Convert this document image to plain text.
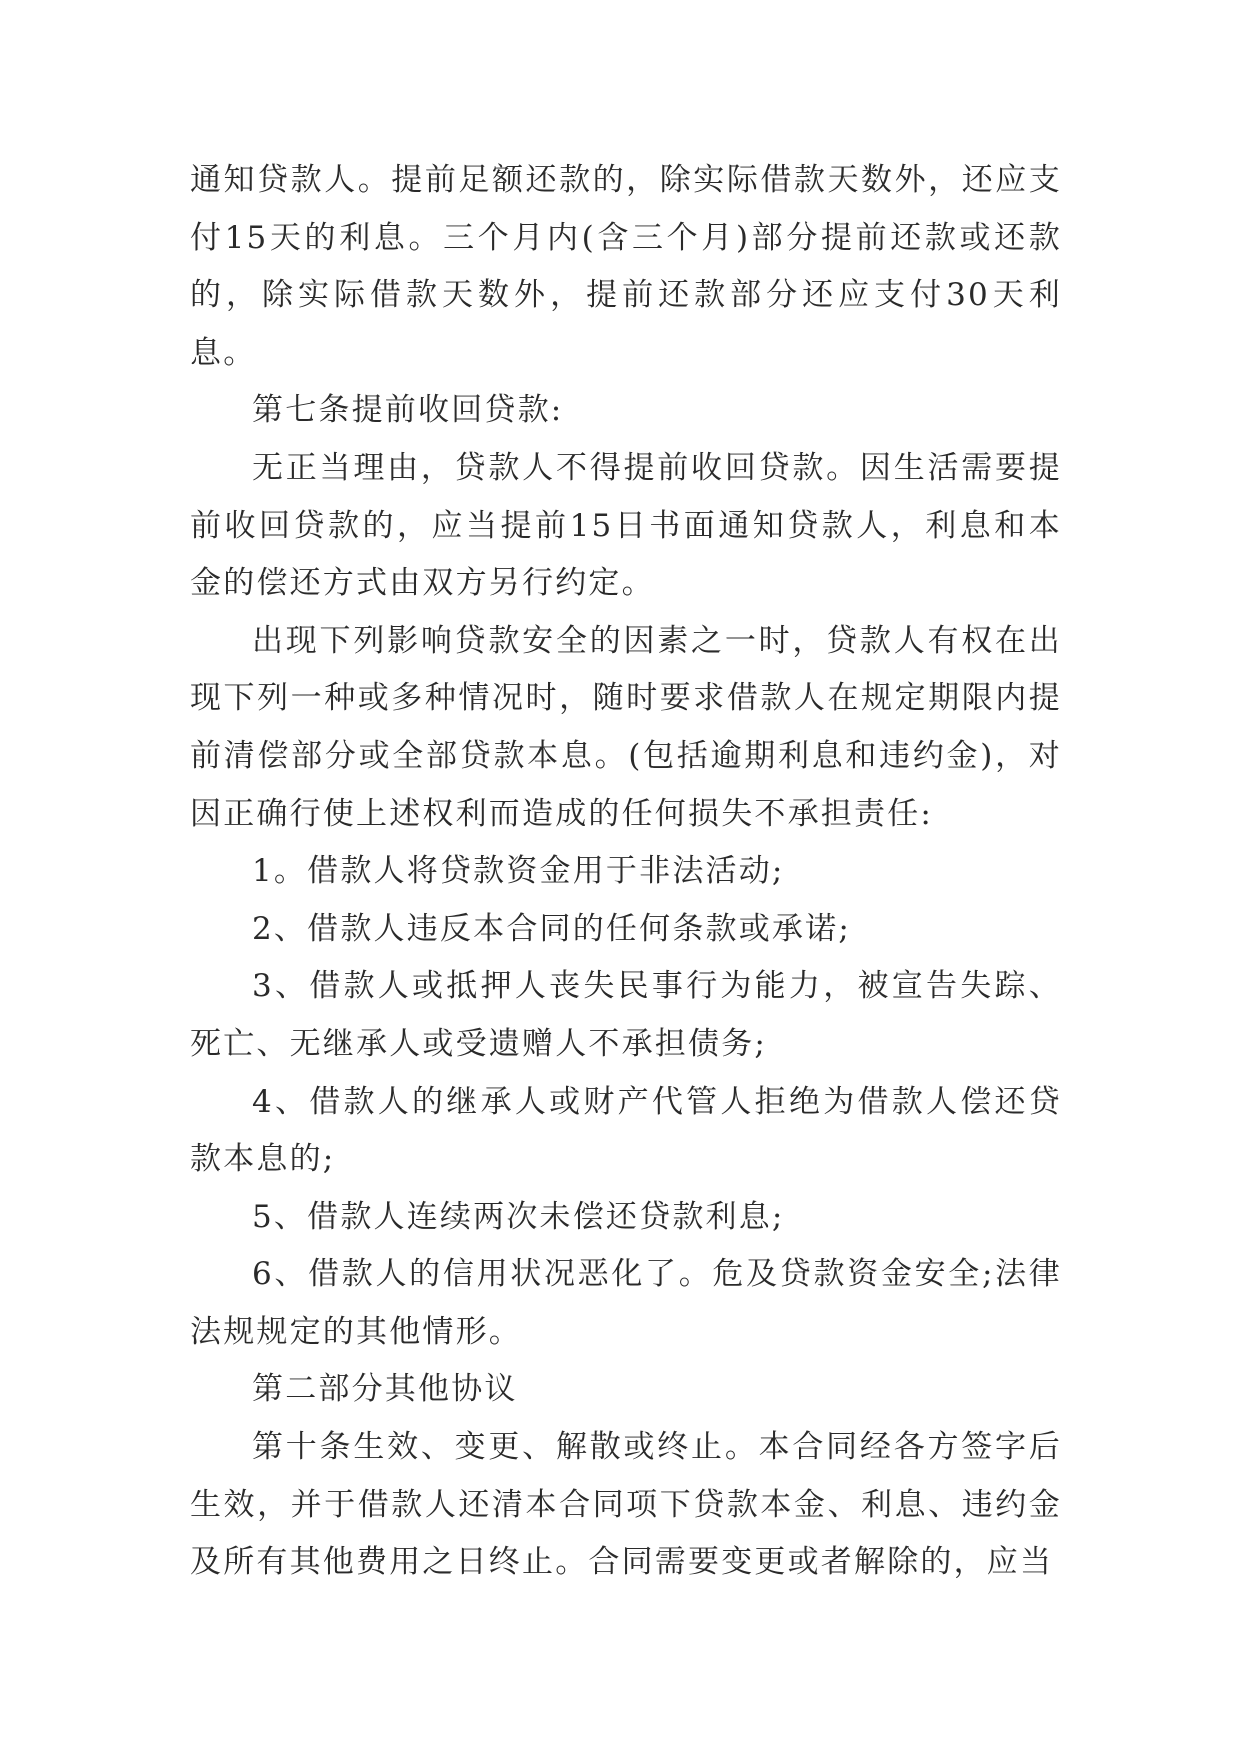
通知贷款人。提前足额还款的，除实际借款天数外，还应支付15天的利息。三个月内(含三个月)部分提前还款或还款的，除实际借款天数外，提前还款部分还应支付30天利息。

第七条提前收回贷款:

无正当理由，贷款人不得提前收回贷款。因生活需要提前收回贷款的，应当提前15日书面通知贷款人，利息和本金的偿还方式由双方另行约定。

出现下列影响贷款安全的因素之一时，贷款人有权在出现下列一种或多种情况时，随时要求借款人在规定期限内提前清偿部分或全部贷款本息。(包括逾期利息和违约金)，对因正确行使上述权利而造成的任何损失不承担责任:

1。借款人将贷款资金用于非法活动;

2、借款人违反本合同的任何条款或承诺;

3、借款人或抵押人丧失民事行为能力，被宣告失踪、死亡、无继承人或受遗赠人不承担债务;

4、借款人的继承人或财产代管人拒绝为借款人偿还贷款本息的;

5、借款人连续两次未偿还贷款利息;

6、借款人的信用状况恶化了。危及贷款资金安全;法律法规规定的其他情形。

第二部分其他协议

第十条生效、变更、解散或终止。本合同经各方签字后生效，并于借款人还清本合同项下贷款本金、利息、违约金及所有其他费用之日终止。合同需要变更或者解除的，应当
